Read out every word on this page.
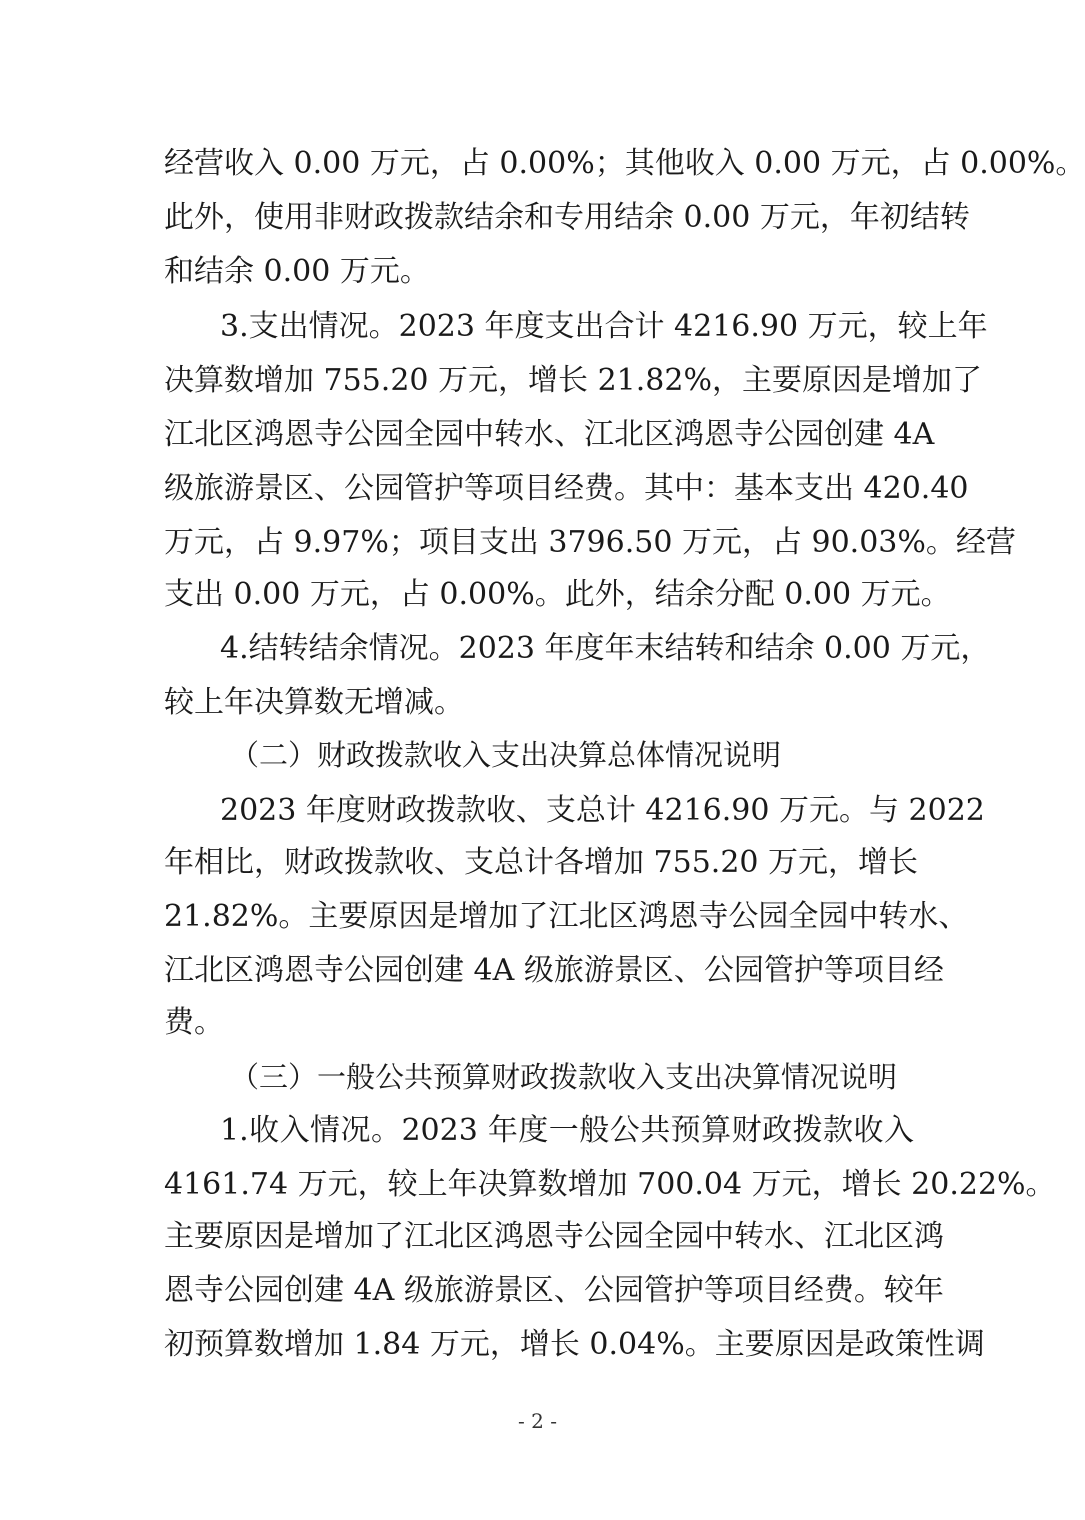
经营收入 0.00 万元，占 0.00%；其他收入 0.00 万元，占 0.00%。
此外，使用非财政拨款结余和专用结余 0.00 万元，年初结转
和结余 0.00 万元。
3.支出情况。2023 年度支出合计 4216.90 万元，较上年
决算数增加 755.20 万元，增长 21.82%，主要原因是增加了
江北区鸿恩寺公园全园中转水、江北区鸿恩寺公园创建 4A
级旅游景区、公园管护等项目经费。其中：基本支出 420.40
万元，占 9.97%；项目支出 3796.50 万元，占 90.03%。经营
支出 0.00 万元，占 0.00%。此外，结余分配 0.00 万元。
4.结转结余情况。2023 年度年末结转和结余 0.00 万元，
较上年决算数无增减。
（二）财政拨款收入支出决算总体情况说明
2023 年度财政拨款收、支总计 4216.90 万元。与 2022
年相比，财政拨款收、支总计各增加 755.20 万元，增长
21.82%。主要原因是增加了江北区鸿恩寺公园全园中转水、
江北区鸿恩寺公园创建 4A 级旅游景区、公园管护等项目经
费。
（三）一般公共预算财政拨款收入支出决算情况说明
1.收入情况。2023 年度一般公共预算财政拨款收入
4161.74 万元，较上年决算数增加 700.04 万元，增长 20.22%。
主要原因是增加了江北区鸿恩寺公园全园中转水、江北区鸿
恩寺公园创建 4A 级旅游景区、公园管护等项目经费。较年
初预算数增加 1.84 万元，增长 0.04%。主要原因是政策性调
- 2 -
